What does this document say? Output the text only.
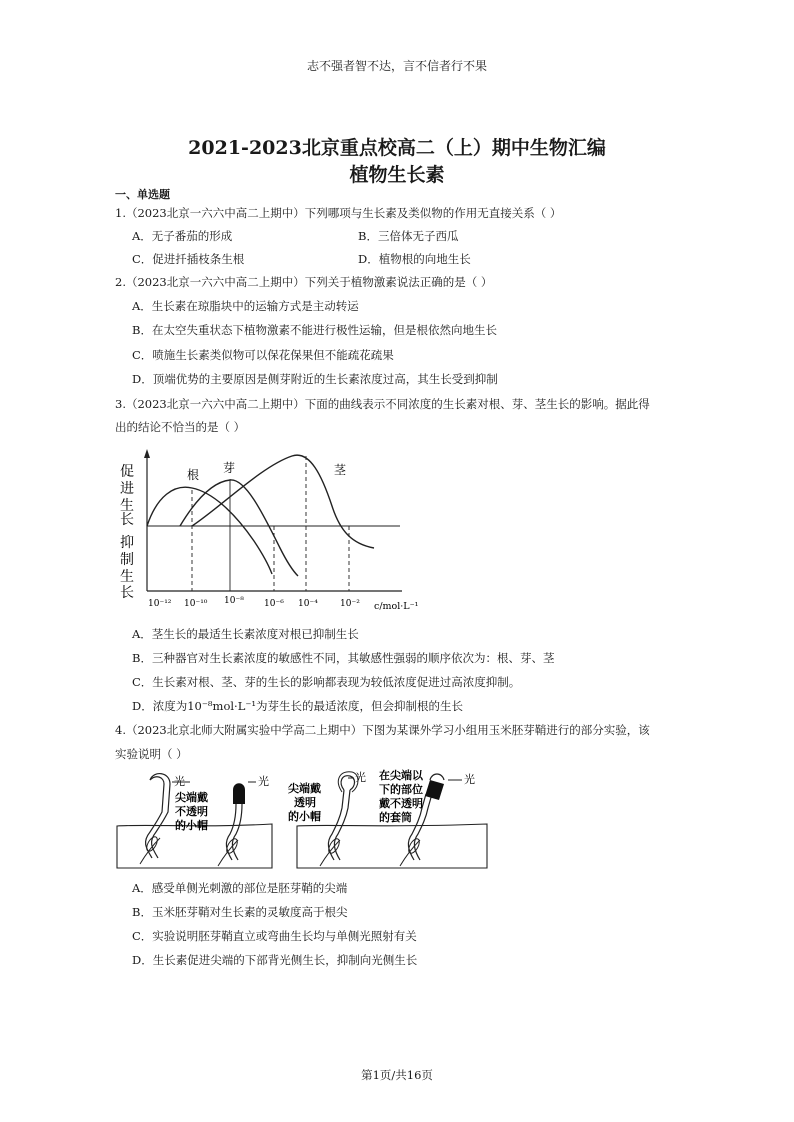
志不强者智不达，言不信者行不果
2021-2023北京重点校高二（上）期中生物汇编
植物生长素
一、单选题
1.（2023北京一六六中高二上期中）下列哪项与生长素及类似物的作用无直接关系（ ）
A．无子番茄的形成	B．三倍体无子西瓜
C．促进扦插枝条生根	D．植物根的向地生长
2.（2023北京一六六中高二上期中）下列关于植物激素说法正确的是（ ）
A．生长素在琼脂块中的运输方式是主动转运
B．在太空失重状态下植物激素不能进行极性运输，但是根依然向地生长
C．喷施生长素类似物可以保花保果但不能疏花疏果
D．顶端优势的主要原因是侧芽附近的生长素浓度过高，其生长受到抑制
3.（2023北京一六六中高二上期中）下面的曲线表示不同浓度的生长素对根、芽、茎生长的影响。据此得
出的结论不恰当的是（ ）
根 芽	茎
促
进
生
长
抑
制
生
长
10⁻¹² 10⁻¹⁰ 10⁻⁸ 10⁻⁶ 10⁻⁴ 10⁻² c/mol·L⁻¹
A．茎生长的最适生长素浓度对根已抑制生长
B．三种器官对生长素浓度的敏感性不同，其敏感性强弱的顺序依次为：根、芽、茎
C．生长素对根、茎、芽的生长的影响都表现为较低浓度促进过高浓度抑制。
D．浓度为10⁻⁸mol·L⁻¹为芽生长的最适浓度，但会抑制根的生长
4.（2023北京北师大附属实验中学高二上期中）下图为某课外学习小组用玉米胚芽鞘进行的部分实验，该
实验说明（ ）
光	光
尖端戴
不透明
的小帽
光
尖端戴
透明
的小帽
光
在尖端以
下的部位
戴不透明
的套筒
A．感受单侧光刺激的部位是胚芽鞘的尖端
B．玉米胚芽鞘对生长素的灵敏度高于根尖
C．实验说明胚芽鞘直立或弯曲生长均与单侧光照射有关
D．生长素促进尖端的下部背光侧生长，抑制向光侧生长
第1页/共16页
